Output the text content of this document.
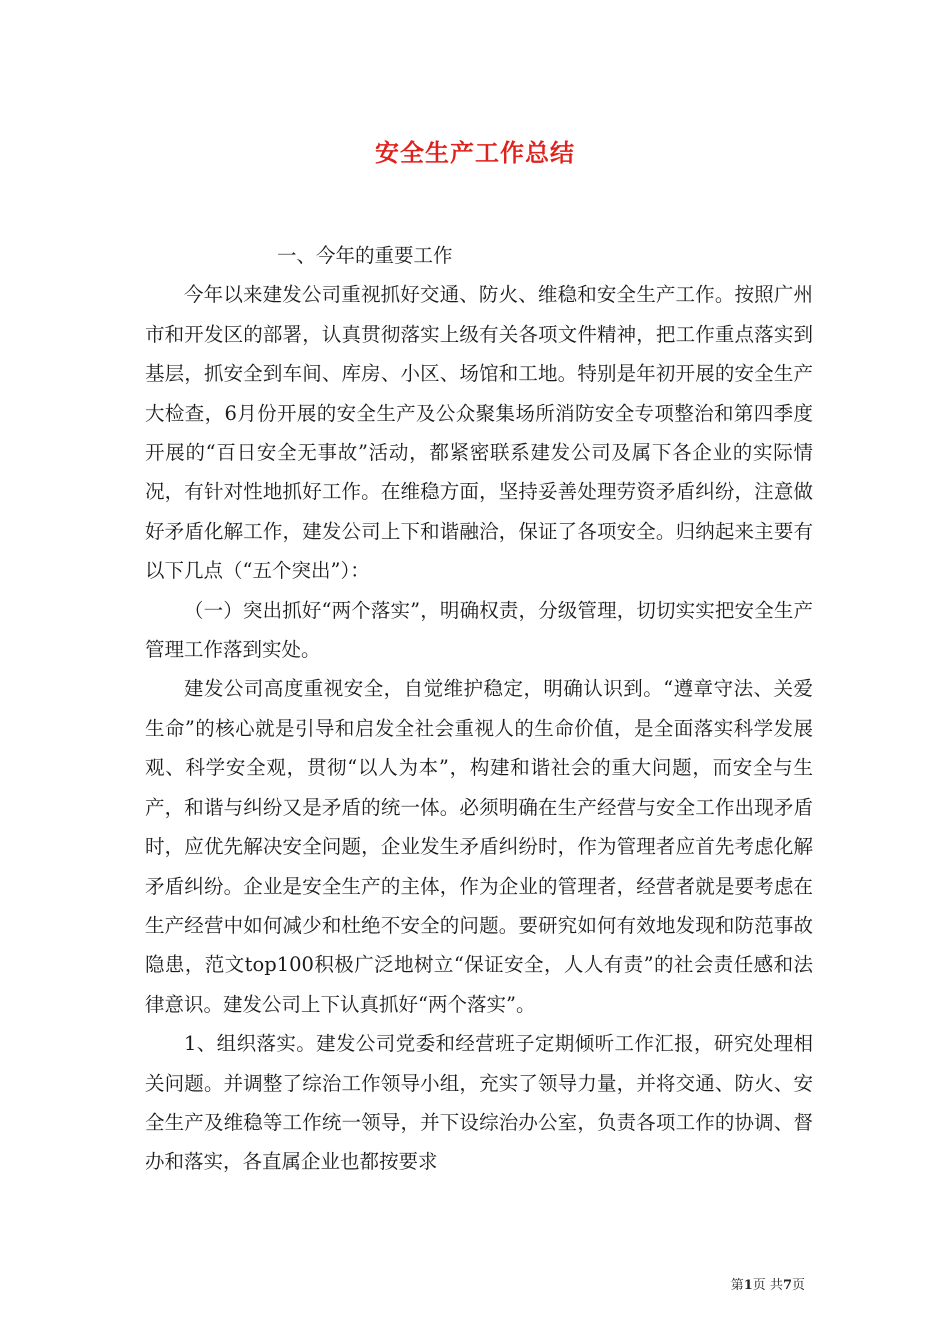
安全生产工作总结

一、今年的重要工作

今年以来建发公司重视抓好交通、防火、维稳和安全生产工作。按照广州市和开发区的部署，认真贯彻落实上级有关各项文件精神，把工作重点落实到基层，抓安全到车间、库房、小区、场馆和工地。特别是年初开展的安全生产大检查，6月份开展的安全生产及公众聚集场所消防安全专项整治和第四季度开展的“百日安全无事故”活动，都紧密联系建发公司及属下各企业的实际情况，有针对性地抓好工作。在维稳方面，坚持妥善处理劳资矛盾纠纷，注意做好矛盾化解工作，建发公司上下和谐融洽，保证了各项安全。归纳起来主要有以下几点（“五个突出”）：

（一）突出抓好“两个落实”，明确权责，分级管理，切切实实把安全生产管理工作落到实处。

建发公司高度重视安全，自觉维护稳定，明确认识到。“遵章守法、关爱生命”的核心就是引导和启发全社会重视人的生命价值，是全面落实科学发展观、科学安全观，贯彻“以人为本”，构建和谐社会的重大问题，而安全与生产，和谐与纠纷又是矛盾的统一体。必须明确在生产经营与安全工作出现矛盾时，应优先解决安全问题，企业发生矛盾纠纷时，作为管理者应首先考虑化解矛盾纠纷。企业是安全生产的主体，作为企业的管理者，经营者就是要考虑在生产经营中如何减少和杜绝不安全的问题。要研究如何有效地发现和防范事故隐患，范文top100积极广泛地树立“保证安全，人人有责”的社会责任感和法律意识。建发公司上下认真抓好“两个落实”。

1、组织落实。建发公司党委和经营班子定期倾听工作汇报，研究处理相关问题。并调整了综治工作领导小组，充实了领导力量，并将交通、防火、安全生产及维稳等工作统一领导，并下设综治办公室，负责各项工作的协调、督办和落实，各直属企业也都按要求

第1页 共7页
